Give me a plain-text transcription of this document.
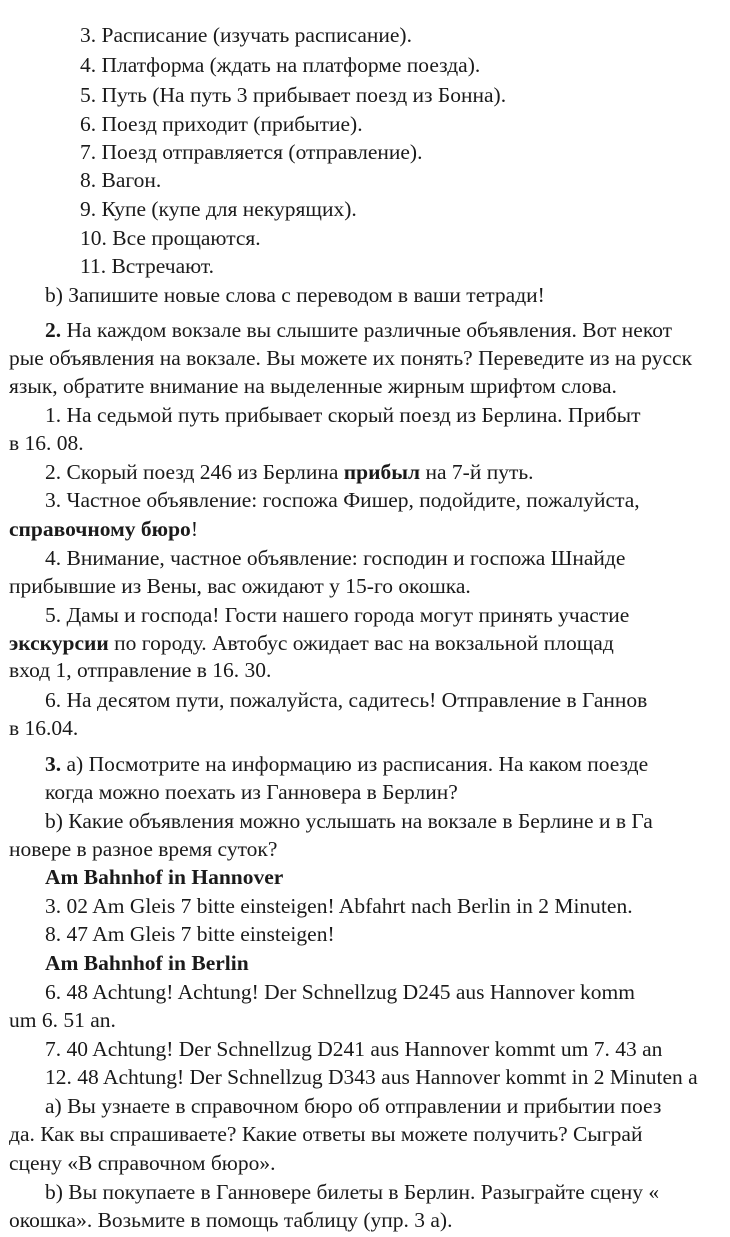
3. Расписание (изучать расписание).
4. Платформа (ждать на платформе поезда).
5. Путь (На путь 3 прибывает поезд из Бонна).
6. Поезд приходит (прибытие).
7. Поезд отправляется (отправление).
8. Вагон.
9. Купе (купе для некурящих).
10. Все прощаются.
11. Встречают.
b) Запишите новые слова с переводом в ваши тетради!
2. На каждом вокзале вы слышите различные объявления. Вот некот
рые объявления на вокзале. Вы можете их понять? Переведите из на русск
язык, обратите внимание на выделенные жирным шрифтом слова.
1. На седьмой путь прибывает скорый поезд из Берлина. Прибыт
в 16. 08.
2. Скорый поезд 246 из Берлина прибыл на 7-й путь.
3. Частное объявление: госпожа Фишер, подойдите, пожалуйста,
справочному бюро!
4. Внимание, частное объявление: господин и госпожа Шнайде
прибывшие из Вены, вас ожидают у 15-го окошка.
5. Дамы и господа! Гости нашего города могут принять участие
экскурсии по городу. Автобус ожидает вас на вокзальной площад
вход 1, отправление в 16. 30.
6. На десятом пути, пожалуйста, садитесь! Отправление в Ганнов
в 16.04.
3. а) Посмотрите на информацию из расписания. На каком поезде
когда можно поехать из Ганновера в Берлин?
b) Какие объявления можно услышать на вокзале в Берлине и в Га
новере в разное время суток?
Am Bahnhof in Hannover
3. 02 Am Gleis 7 bitte einsteigen! Abfahrt nach Berlin in 2 Minuten.
8. 47 Am Gleis 7 bitte einsteigen!
Am Bahnhof in Berlin
6. 48 Achtung! Achtung! Der Schnellzug D245 aus Hannover komm
um 6. 51 an.
7. 40 Achtung! Der Schnellzug D241 aus Hannover kommt um 7. 43 an
12. 48 Achtung! Der Schnellzug D343 aus Hannover kommt in 2 Minuten a
а) Вы узнаете в справочном бюро об отправлении и прибытии поез
да. Как вы спрашиваете? Какие ответы вы можете получить? Сыграй
сцену «В справочном бюро».
b) Вы покупаете в Ганновере билеты в Берлин. Разыграйте сцену «
окошка». Возьмите в помощь таблицу (упр. 3 а).
